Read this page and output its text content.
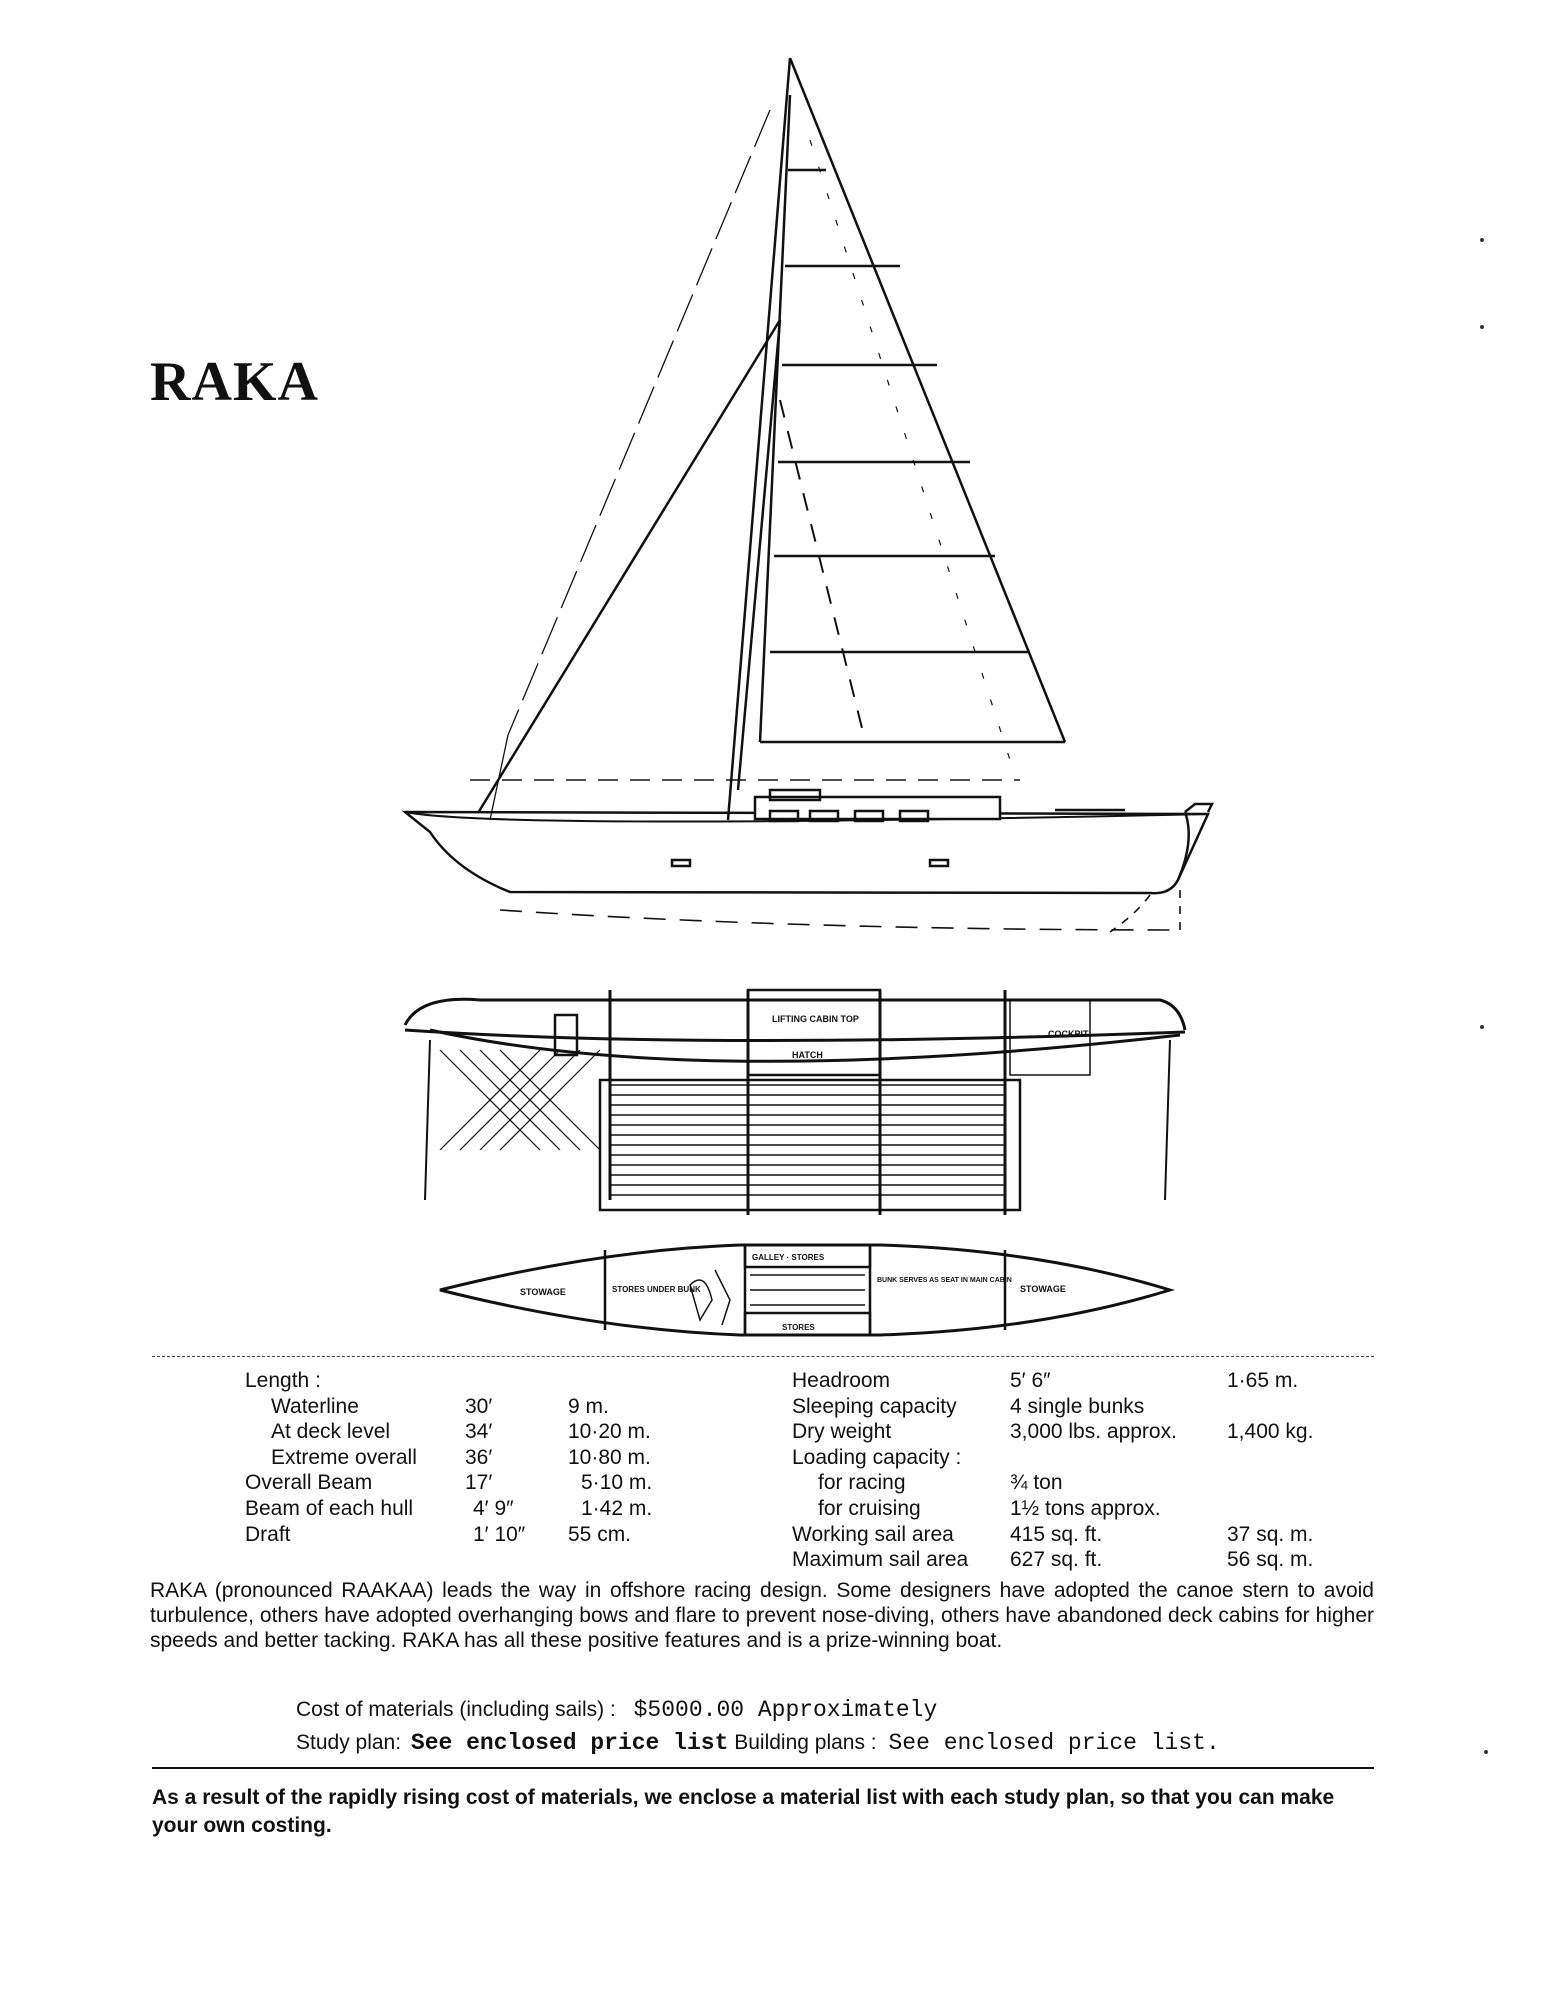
RAKA
LIFTING CABIN TOP
HATCH
COCKPIT
STOWAGE	STORES UNDER BUNK
GALLEY · STORES
BUNK SERVES AS SEAT IN MAIN CABIN
STOWAGE
STORES
Length :
Waterline	30′	9 m.
At deck level	34′	10·20 m.
Extreme overall 36′	10·80 m.
Overall Beam	17′	5·10 m.
Beam of each hull	4′ 9″	1·42 m.
Draft	1′ 10″ 55 cm.
Headroom	5′ 6″	1·65 m.
Sleeping capacity	4 single bunks
Dry weight	3,000 lbs. approx. 1,400 kg.
Loading capacity :
for racing	¾ ton
for cruising	1½ tons approx.
Working sail area	415 sq. ft.	37 sq. m.
Maximum sail area 627 sq. ft.	56 sq. m.
RAKA (pronounced RAAKAA) leads the way in offshore racing design. Some designers have adopted the canoe stern to avoid turbulence, others have adopted overhanging bows and flare to prevent nose-diving, others have abandoned deck cabins for higher speeds and better tacking. RAKA has all these positive features and is a prize-winning boat.
Cost of materials (including sails) : $5000.00 Approximately
Study plan: See enclosed price list Building plans : See enclosed price list.
As a result of the rapidly rising cost of materials, we enclose a material list with each study plan, so that you can make your own costing.
